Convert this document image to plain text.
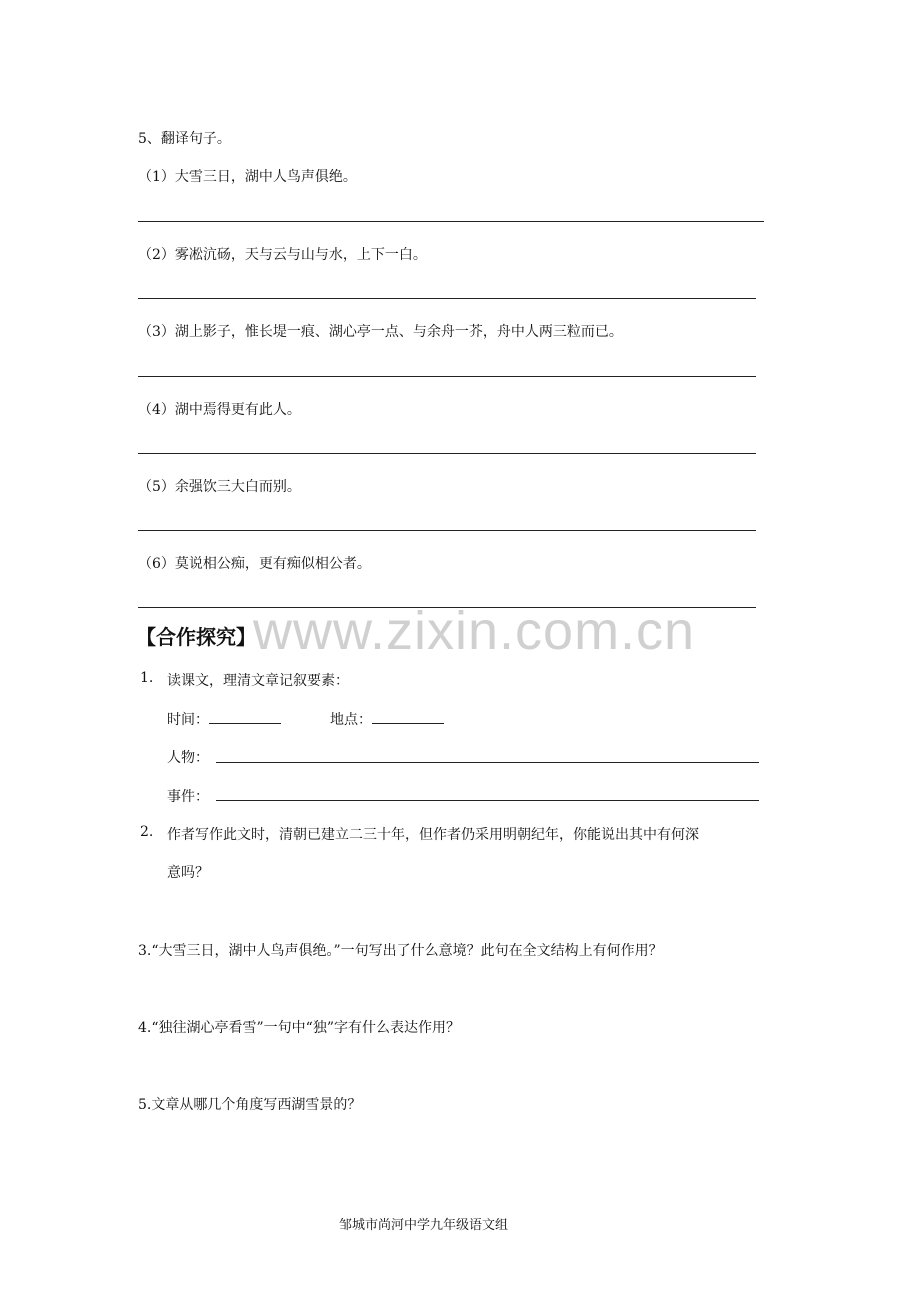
5、翻译句子。
（1）大雪三日，湖中人鸟声俱绝。
（2）雾凇沆砀，天与云与山与水，上下一白。
（3）湖上影子，惟长堤一痕、湖心亭一点、与余舟一芥，舟中人两三粒而已。
（4）湖中焉得更有此人。
（5）余强饮三大白而别。
（6）莫说相公痴，更有痴似相公者。
www.zixin.com.cn
【合作探究】
1. 读课文，理清文章记叙要素：
时间：	地点：
人物：
事件：
2. 作者写作此文时，清朝已建立二三十年，但作者仍采用明朝纪年，你能说出其中有何深
意吗？
3.“大雪三日，湖中人鸟声俱绝。”一句写出了什么意境？此句在全文结构上有何作用？
4.“独往湖心亭看雪”一句中“独”字有什么表达作用？
5.文章从哪几个角度写西湖雪景的？
邹城市尚河中学九年级语文组
